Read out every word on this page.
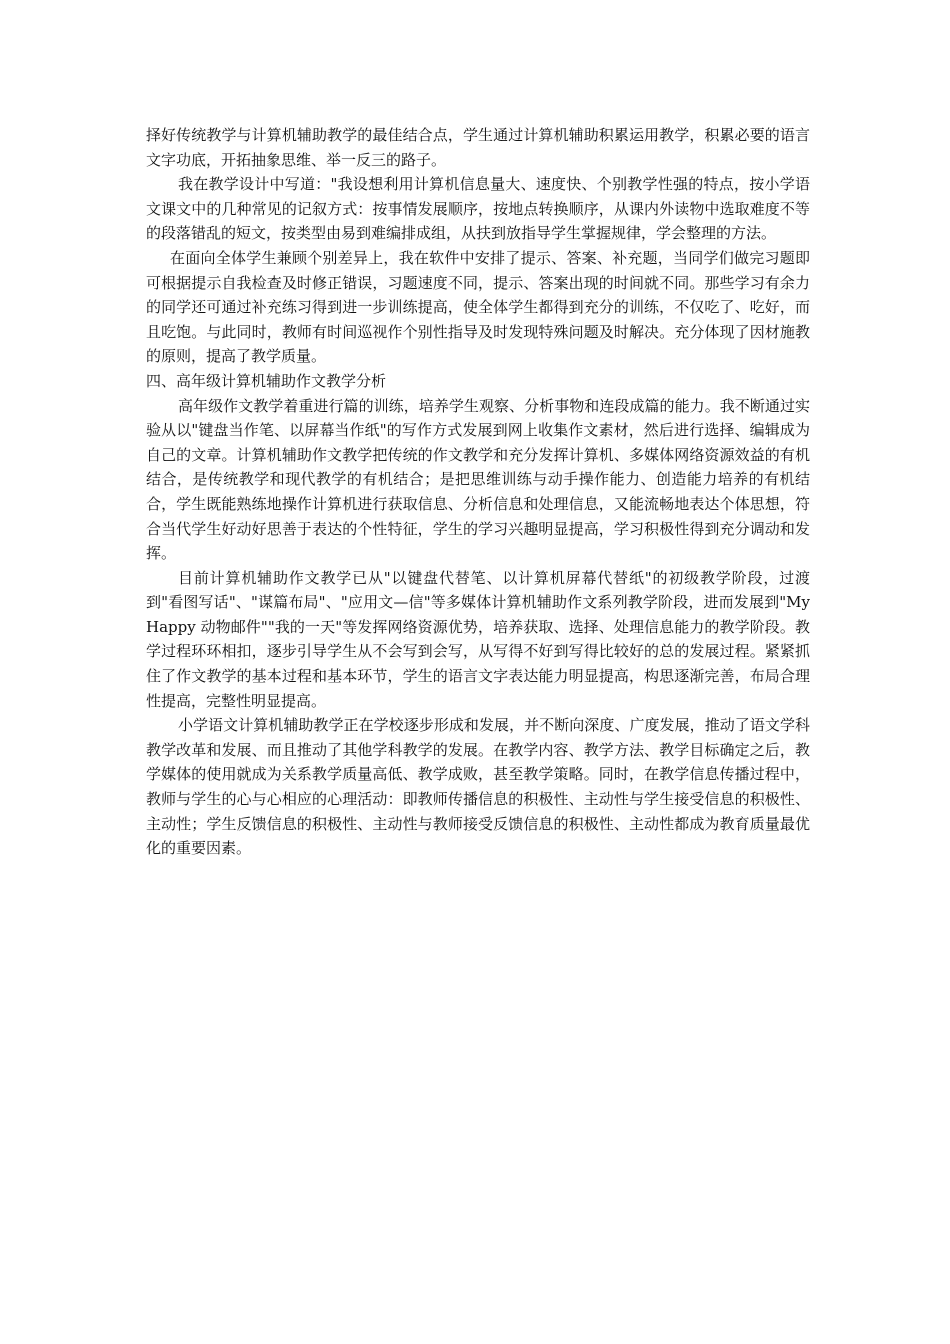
择好传统教学与计算机辅助教学的最佳结合点，学生通过计算机辅助积累运用教学，积累必要的语言文字功底，开拓抽象思维、举一反三的路子。

我在教学设计中写道："我设想利用计算机信息量大、速度快、个别教学性强的特点，按小学语文课文中的几种常见的记叙方式：按事情发展顺序，按地点转换顺序，从课内外读物中选取难度不等的段落错乱的短文，按类型由易到难编排成组，从扶到放指导学生掌握规律，学会整理的方法。

在面向全体学生兼顾个别差异上，我在软件中安排了提示、答案、补充题，当同学们做完习题即可根据提示自我检查及时修正错误，习题速度不同，提示、答案出现的时间就不同。那些学习有余力的同学还可通过补充练习得到进一步训练提高，使全体学生都得到充分的训练，不仅吃了、吃好，而且吃饱。与此同时，教师有时间巡视作个别性指导及时发现特殊问题及时解决。充分体现了因材施教的原则，提高了教学质量。

四、高年级计算机辅助作文教学分析

高年级作文教学着重进行篇的训练，培养学生观察、分析事物和连段成篇的能力。我不断通过实验从以"键盘当作笔、以屏幕当作纸"的写作方式发展到网上收集作文素材，然后进行选择、编辑成为自己的文章。计算机辅助作文教学把传统的作文教学和充分发挥计算机、多媒体网络资源效益的有机结合，是传统教学和现代教学的有机结合；是把思维训练与动手操作能力、创造能力培养的有机结合，学生既能熟练地操作计算机进行获取信息、分析信息和处理信息，又能流畅地表达个体思想，符合当代学生好动好思善于表达的个性特征，学生的学习兴趣明显提高，学习积极性得到充分调动和发挥。

目前计算机辅助作文教学已从"以键盘代替笔、以计算机屏幕代替纸"的初级教学阶段，过渡到"看图写话"、"谋篇布局"、"应用文—信"等多媒体计算机辅助作文系列教学阶段，进而发展到"My Happy 动物邮件""我的一天"等发挥网络资源优势，培养获取、选择、处理信息能力的教学阶段。教学过程环环相扣，逐步引导学生从不会写到会写，从写得不好到写得比较好的总的发展过程。紧紧抓住了作文教学的基本过程和基本环节，学生的语言文字表达能力明显提高，构思逐渐完善，布局合理性提高，完整性明显提高。

小学语文计算机辅助教学正在学校逐步形成和发展，并不断向深度、广度发展，推动了语文学科教学改革和发展、而且推动了其他学科教学的发展。在教学内容、教学方法、教学目标确定之后，教学媒体的使用就成为关系教学质量高低、教学成败，甚至教学策略。同时，在教学信息传播过程中，教师与学生的心与心相应的心理活动：即教师传播信息的积极性、主动性与学生接受信息的积极性、主动性；学生反馈信息的积极性、主动性与教师接受反馈信息的积极性、主动性都成为教育质量最优化的重要因素。
